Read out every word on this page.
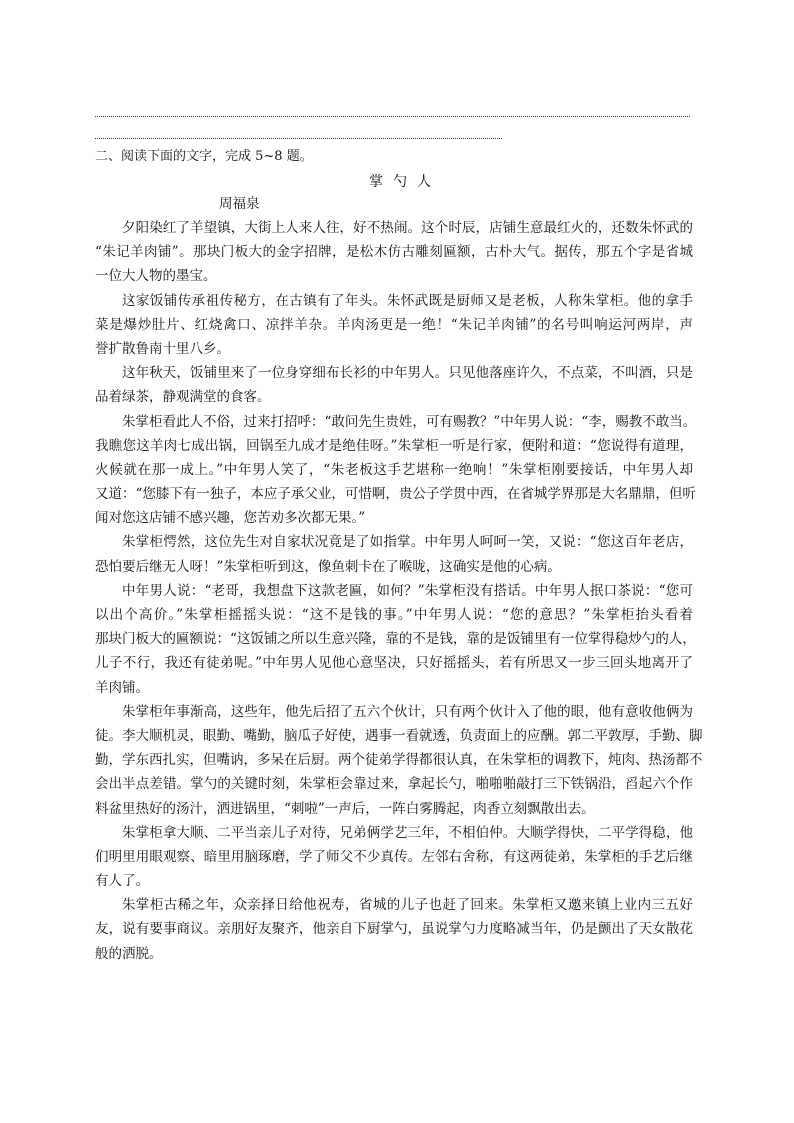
二、阅读下面的文字，完成 5~8 题。
掌勺人
周福泉
夕阳染红了羊望镇，大街上人来人往，好不热闹。这个时辰，店铺生意最红火的，还数朱怀武的
“朱记羊肉铺”。那块门板大的金字招牌，是松木仿古雕刻匾额，古朴大气。据传，那五个字是省城
一位大人物的墨宝。
这家饭铺传承祖传秘方，在古镇有了年头。朱怀武既是厨师又是老板，人称朱掌柜。他的拿手
菜是爆炒肚片、红烧禽口、凉拌羊杂。羊肉汤更是一绝！“朱记羊肉铺”的名号叫响运河两岸，声
誉扩散鲁南十里八乡。
这年秋天，饭铺里来了一位身穿细布长衫的中年男人。只见他落座许久，不点菜，不叫酒，只是
品着绿茶，静观满堂的食客。
朱掌柜看此人不俗，过来打招呼：“敢问先生贵姓，可有赐教？”中年男人说：“李，赐教不敢当。
我瞧您这羊肉七成出锅，回锅至九成才是绝佳呀。”朱掌柜一听是行家，便附和道：“您说得有道理，
火候就在那一成上。”中年男人笑了，“朱老板这手艺堪称一绝响！”朱掌柜刚要接话，中年男人却
又道：“您膝下有一独子，本应子承父业，可惜啊，贵公子学贯中西，在省城学界那是大名鼎鼎，但听
闻对您这店铺不感兴趣，您苦劝多次都无果。”
朱掌柜愕然，这位先生对自家状况竟是了如指掌。中年男人呵呵一笑，又说：“您这百年老店，
恐怕要后继无人呀！”朱掌柜听到这，像鱼刺卡在了喉咙，这确实是他的心病。
中年男人说：“老哥，我想盘下这款老匾，如何？”朱掌柜没有搭话。中年男人抿口茶说：“您可
以出个高价。”朱掌柜摇摇头说：“这不是钱的事。”中年男人说：“您的意思？”朱掌柜抬头看着
那块门板大的匾额说：“这饭铺之所以生意兴隆，靠的不是钱，靠的是饭铺里有一位掌得稳炒勺的人，
儿子不行，我还有徒弟呢。”中年男人见他心意坚决，只好摇摇头，若有所思又一步三回头地离开了
羊肉铺。
朱掌柜年事渐高，这些年，他先后招了五六个伙计，只有两个伙计入了他的眼，他有意收他俩为
徒。李大顺机灵，眼勤、嘴勤，脑瓜子好使，遇事一看就透，负责面上的应酬。郭二平敦厚，手勤、脚
勤，学东西扎实，但嘴讷，多呆在后厨。两个徒弟学得都很认真，在朱掌柜的调教下，炖肉、热汤都不
会出半点差错。掌勺的关键时刻，朱掌柜会靠过来，拿起长勺，啪啪啪敲打三下铁锅沿，舀起六个作
料盆里热好的汤汁，洒进锅里，“刺啦”一声后，一阵白雾腾起，肉香立刻飘散出去。
朱掌柜拿大顺、二平当亲儿子对待，兄弟俩学艺三年，不相伯仲。大顺学得快，二平学得稳，他
们明里用眼观察、暗里用脑琢磨，学了师父不少真传。左邻右舍称，有这两徒弟，朱掌柜的手艺后继
有人了。
朱掌柜古稀之年，众亲择日给他祝寿，省城的儿子也赶了回来。朱掌柜又邀来镇上业内三五好
友，说有要事商议。亲朋好友聚齐，他亲自下厨掌勺，虽说掌勺力度略减当年，仍是颤出了天女散花
般的洒脱。
